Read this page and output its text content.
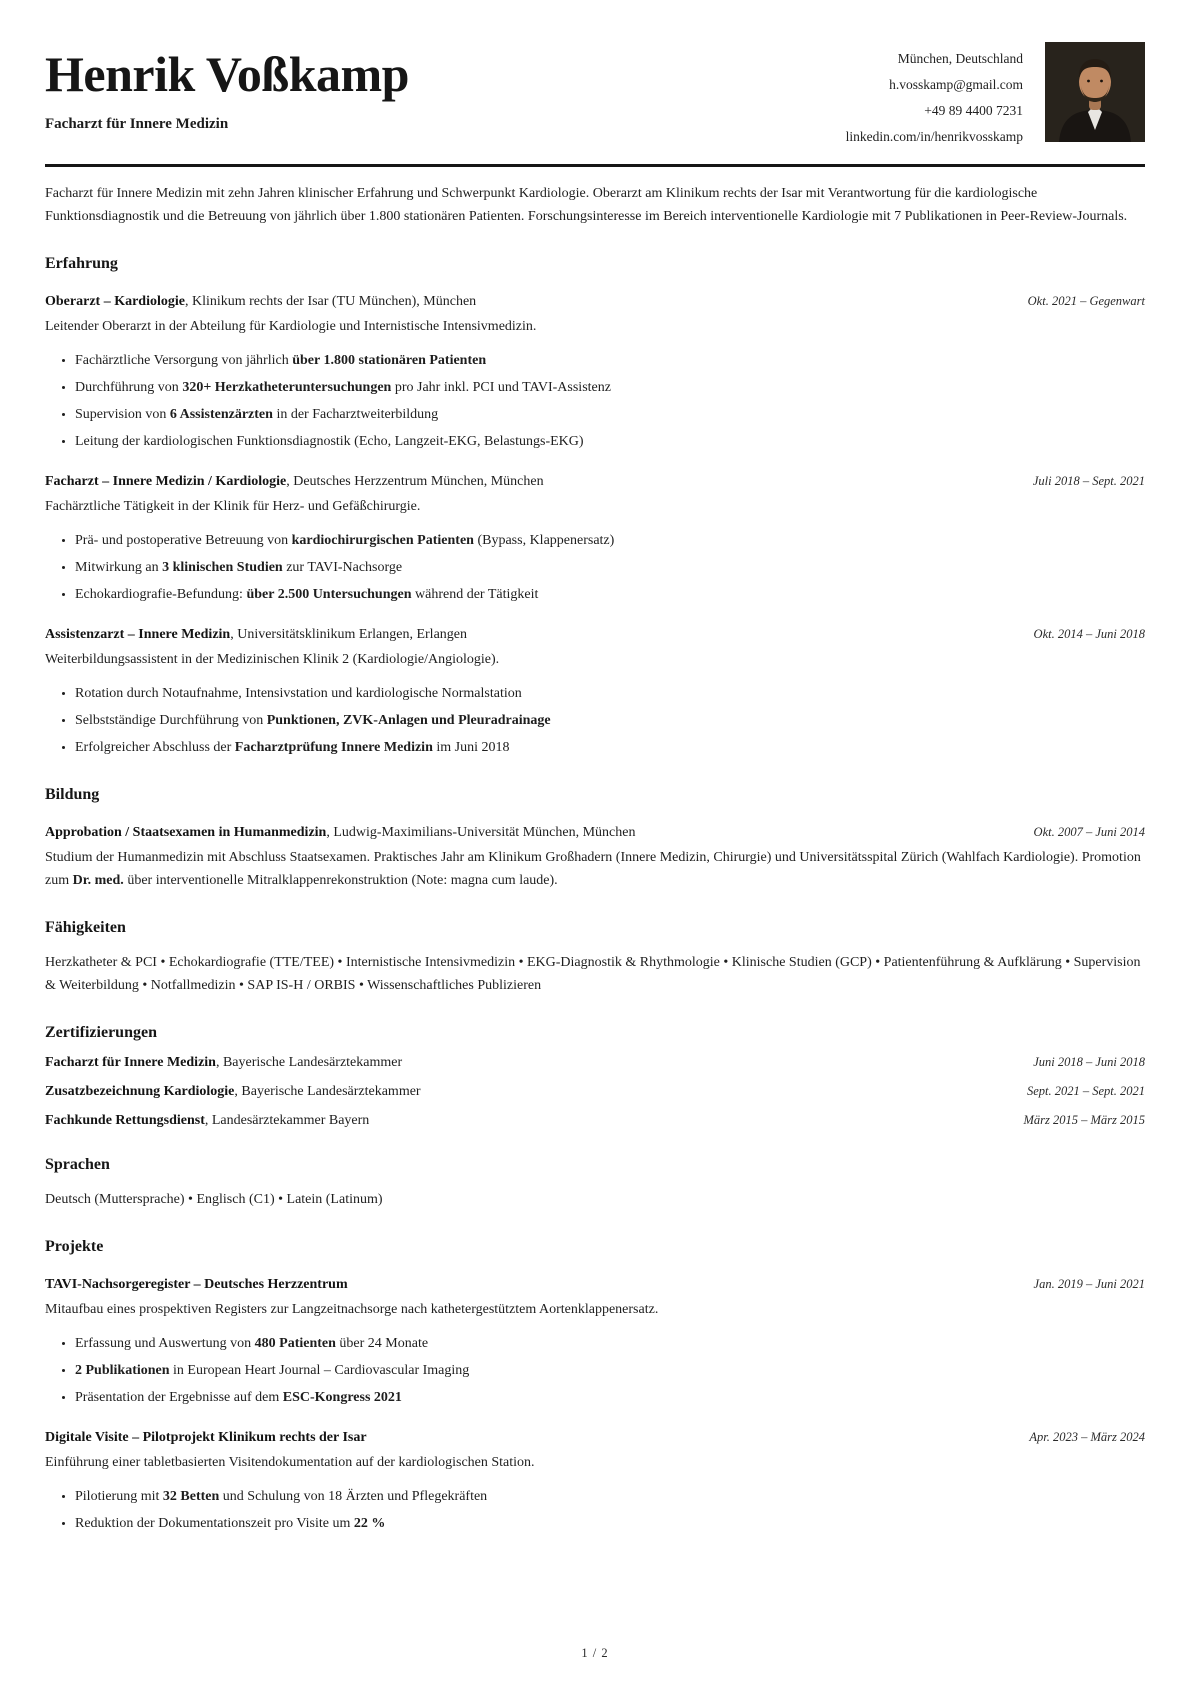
Henrik Voßkamp
Facharzt für Innere Medizin
München, Deutschland
h.vosskamp@gmail.com
+49 89 4400 7231
linkedin.com/in/henrikvosskamp

Facharzt für Innere Medizin mit zehn Jahren klinischer Erfahrung und Schwerpunkt Kardiologie. Oberarzt am Klinikum rechts der Isar mit Verantwortung für die kardiologische Funktionsdiagnostik und die Betreuung von jährlich über 1.800 stationären Patienten. Forschungsinteresse im Bereich interventionelle Kardiologie mit 7 Publikationen in Peer-Review-Journals.

Erfahrung
Oberarzt – Kardiologie, Klinikum rechts der Isar (TU München), München	Okt. 2021 – Gegenwart
Leitender Oberarzt in der Abteilung für Kardiologie und Internistische Intensivmedizin.
• Fachärztliche Versorgung von jährlich über 1.800 stationären Patienten
• Durchführung von 320+ Herzkatheteruntersuchungen pro Jahr inkl. PCI und TAVI-Assistenz
• Supervision von 6 Assistenzärzten in der Facharztweiterbildung
• Leitung der kardiologischen Funktionsdiagnostik (Echo, Langzeit-EKG, Belastungs-EKG)
Facharzt – Innere Medizin / Kardiologie, Deutsches Herzzentrum München, München	Juli 2018 – Sept. 2021
Fachärztliche Tätigkeit in der Klinik für Herz- und Gefäßchirurgie.
• Prä- und postoperative Betreuung von kardiochirurgischen Patienten (Bypass, Klappenersatz)
• Mitwirkung an 3 klinischen Studien zur TAVI-Nachsorge
• Echokardiografie-Befundung: über 2.500 Untersuchungen während der Tätigkeit
Assistenzarzt – Innere Medizin, Universitätsklinikum Erlangen, Erlangen	Okt. 2014 – Juni 2018
Weiterbildungsassistent in der Medizinischen Klinik 2 (Kardiologie/Angiologie).
• Rotation durch Notaufnahme, Intensivstation und kardiologische Normalstation
• Selbstständige Durchführung von Punktionen, ZVK-Anlagen und Pleuradrainage
• Erfolgreicher Abschluss der Facharztprüfung Innere Medizin im Juni 2018
Bildung
Approbation / Staatsexamen in Humanmedizin, Ludwig-Maximilians-Universität München, München	Okt. 2007 – Juni 2014
Studium der Humanmedizin mit Abschluss Staatsexamen. Praktisches Jahr am Klinikum Großhadern (Innere Medizin, Chirurgie) und Universitätsspital Zürich (Wahlfach Kardiologie). Promotion zum Dr. med. über interventionelle Mitralklappenrekonstruktion (Note: magna cum laude).
Fähigkeiten

Herzkatheter & PCI • Echokardiografie (TTE/TEE) • Internistische Intensivmedizin • EKG-Diagnostik & Rhythmologie • Klinische Studien (GCP) • Patientenführung & Aufklärung • Supervision & Weiterbildung • Notfallmedizin • SAP IS-H / ORBIS • Wissenschaftliches Publizieren

Zertifizierungen
Facharzt für Innere Medizin, Bayerische Landesärztekammer	Juni 2018 – Juni 2018
Zusatzbezeichnung Kardiologie, Bayerische Landesärztekammer	Sept. 2021 – Sept. 2021
Fachkunde Rettungsdienst, Landesärztekammer Bayern	März 2015 – März 2015
Sprachen

Deutsch (Muttersprache) • Englisch (C1) • Latein (Latinum)

Projekte
TAVI-Nachsorgeregister – Deutsches Herzzentrum	Jan. 2019 – Juni 2021
Mitaufbau eines prospektiven Registers zur Langzeitnachsorge nach kathetergestütztem Aortenklappenersatz.
• Erfassung und Auswertung von 480 Patienten über 24 Monate
• 2 Publikationen in European Heart Journal – Cardiovascular Imaging
• Präsentation der Ergebnisse auf dem ESC-Kongress 2021
Digitale Visite – Pilotprojekt Klinikum rechts der Isar	Apr. 2023 – März 2024
Einführung einer tabletbasierten Visitendokumentation auf der kardiologischen Station.
• Pilotierung mit 32 Betten und Schulung von 18 Ärzten und Pflegekräften
• Reduktion der Dokumentationszeit pro Visite um 22 %
1 / 2
